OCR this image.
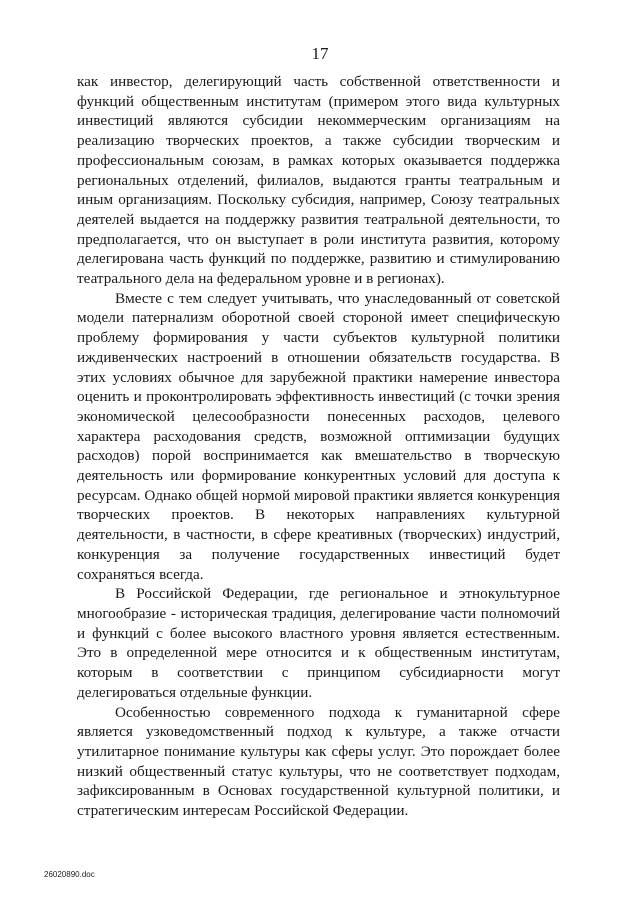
17

как инвестор, делегирующий часть собственной ответственности и функций общественным институтам (примером этого вида культурных инвестиций являются субсидии некоммерческим организациям на реализацию творческих проектов, а также субсидии творческим и профессиональным союзам, в рамках которых оказывается поддержка региональных отделений, филиалов, выдаются гранты театральным и иным организациям. Поскольку субсидия, например, Союзу театральных деятелей выдается на поддержку развития театральной деятельности, то предполагается, что он выступает в роли института развития, которому делегирована часть функций по поддержке, развитию и стимулированию театрального дела на федеральном уровне и в регионах).

Вместе с тем следует учитывать, что унаследованный от советской модели патернализм оборотной своей стороной имеет специфическую проблему формирования у части субъектов культурной политики иждивенческих настроений в отношении обязательств государства. В этих условиях обычное для зарубежной практики намерение инвестора оценить и проконтролировать эффективность инвестиций (с точки зрения экономической целесообразности понесенных расходов, целевого характера расходования средств, возможной оптимизации будущих расходов) порой воспринимается как вмешательство в творческую деятельность или формирование конкурентных условий для доступа к ресурсам. Однако общей нормой мировой практики является конкуренция творческих проектов. В некоторых направлениях культурной деятельности, в частности, в сфере креативных (творческих) индустрий, конкуренция за получение государственных инвестиций будет сохраняться всегда.

В Российской Федерации, где региональное и этнокультурное многообразие - историческая традиция, делегирование части полномочий и функций с более высокого властного уровня является естественным. Это в определенной мере относится и к общественным институтам, которым в соответствии с принципом субсидиарности могут делегироваться отдельные функции.

Особенностью современного подхода к гуманитарной сфере является узковедомственный подход к культуре, а также отчасти утилитарное понимание культуры как сферы услуг. Это порождает более низкий общественный статус культуры, что не соответствует подходам, зафиксированным в Основах государственной культурной политики, и стратегическим интересам Российской Федерации.

26020890.doc
